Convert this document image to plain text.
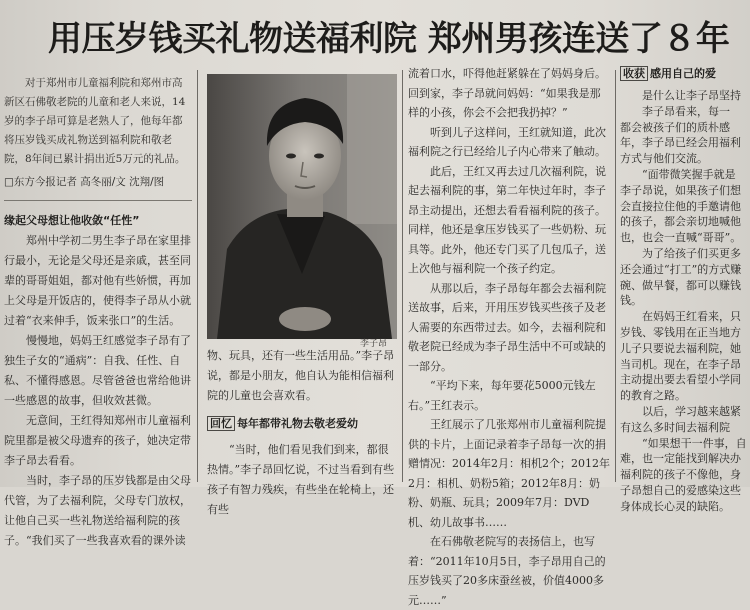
用压岁钱买礼物送福利院 郑州男孩连送了８年
对于郑州市儿童福利院和郑州市高新区石佛敬老院的儿童和老人来说，14岁的李子昂可算是老熟人了，他每年都将压岁钱买成礼物送到福利院和敬老院，8年间已累计捐出近5万元的礼品。
□东方今报记者 高冬丽/文 沈翔/图
缘起父母想让他收敛“任性”

郑州中学初二男生李子昂在家里排行最小，无论是父母还是亲戚，甚至同辈的哥哥姐姐，都对他有些娇惯，再加上父母是开饭店的，使得李子昂从小就过着“衣来伸手，饭来张口”的生活。

慢慢地，妈妈王红感觉李子昂有了独生子女的“通病”：自我、任性、自私、不懂得感恩。尽管爸爸也常给他讲一些感恩的故事，但收效甚微。

无意间，王红得知郑州市儿童福利院里都是被父母遗弃的孩子，她决定带李子昂去看看。

当时，李子昂的压岁钱都是由父母代管，为了去福利院，父母专门放权，让他自己买一些礼物送给福利院的孩子。“我们买了一些我喜欢看的课外读

李子昂

物、玩具，还有一些生活用品。”李子昂说，都是小朋友，他自认为能相信福利院的儿童也会喜欢看。

回忆 每年都带礼物去敬老爱幼

“当时，他们看见我们到来，都很热情。”李子昂回忆说，不过当看到有些孩子有智力残疾，有些坐在轮椅上，还有些

流着口水，吓得他赶紧躲在了妈妈身后。回到家，李子昂就问妈妈：“如果我是那样的小孩，你会不会把我扔掉？”

听到儿子这样问，王红就知道，此次福利院之行已经给儿子内心带来了触动。

此后，王红又再去过几次福利院，说起去福利院的事，第二年快过年时，李子昂主动提出，还想去看看福利院的孩子。同样，他还是拿压岁钱买了一些奶粉、玩具等。此外，他还专门买了几包瓜子，送上次他与福利院一个孩子约定。

从那以后，李子昂每年都会去福利院送故事，后来，开用压岁钱买些孩子及老人需要的东西带过去。如今，去福利院和敬老院已经成为李子昂生活中不可或缺的一部分。

“平均下来，每年要花5000元钱左右。”王红表示。

王红展示了几张郑州市儿童福利院提供的卡片，上面记录着李子昂每一次的捐赠情况：2014年2月：相机2个；2012年2月：相机、奶粉5箱；2012年8月：奶粉、奶瓶、玩具；2009年7月：DVD机、幼儿故事书……

在石佛敬老院写的表扬信上，也写着：“2011年10月5日，李子昂用自己的压岁钱买了20多床蚕丝被，价值4000多元……”

收获 感用自己的爱
是什么让李子昂坚持
李子昂看来，每一
都会被孩子们的质朴感
年，李子昂已经会用福利
方式与他们交流。
“面带微笑握手就是
李子昂说，如果孩子们想
会直接拉住他的手邀请他
的孩子，都会亲切地喊他
也，也会一直喊“哥哥”。
为了给孩子们买更多
还会通过“打工”的方式赚
碗、做早餐，都可以赚钱
钱。
在妈妈王红看来，只
岁钱、零钱用在正当地方
儿子只要说去福利院，她
当司机。现在，在李子昂
主动提出要去看望小学同
的教育之路。
以后，学习越来越紧
有这么多时间去福利院
“如果想干一件事，自
难，也一定能找到解决办
福利院的孩子不像他，身
子昂想自己的爱感染这些
身体成长心灵的缺陷。
